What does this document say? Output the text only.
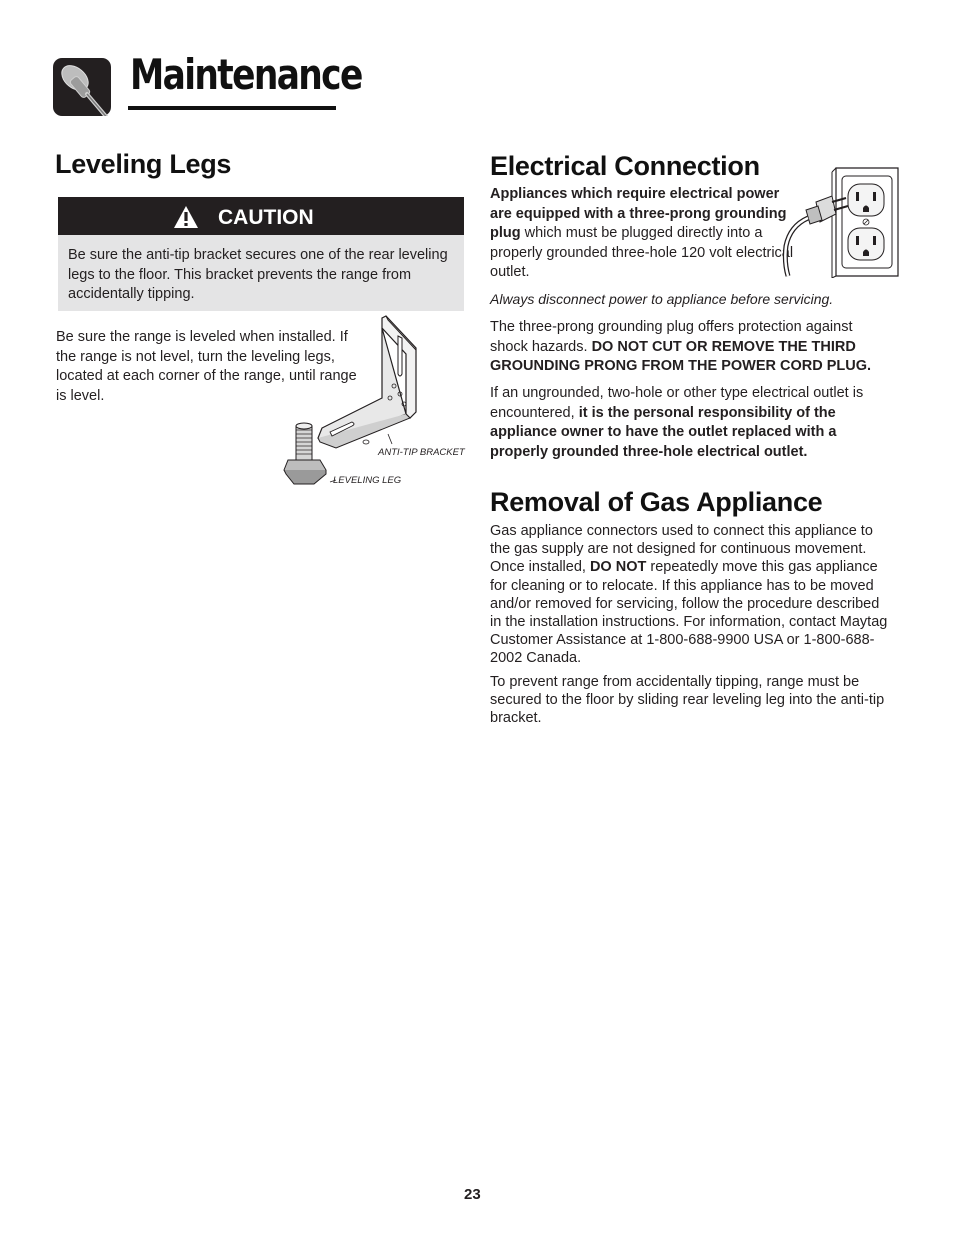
Maintenance
Leveling Legs
CAUTION
Be sure the anti-tip bracket secures one of the rear leveling legs to the floor. This bracket prevents the range from accidentally tipping.
Be sure the range is leveled when installed. If the range is not level, turn the leveling legs, located at each corner of the range, until range is level.
ANTI-TIP BRACKET
LEVELING LEG
Electrical Connection
Appliances which require electrical power are equipped with a three-prong grounding plug which must be plugged directly into a properly grounded three-hole 120 volt electrical outlet.
Always disconnect power to appliance before servicing.
The three-prong grounding plug offers protection against shock hazards. DO NOT CUT OR REMOVE THE THIRD GROUNDING PRONG FROM THE POWER CORD PLUG.
If an ungrounded, two-hole or other type electrical outlet is encountered, it is the personal responsibility of the appliance owner to have the outlet replaced with a properly grounded three-hole electrical outlet.
Removal of Gas Appliance
Gas appliance connectors used to connect this appliance to the gas supply are not designed for continuous movement. Once installed, DO NOT repeatedly move this gas appliance for cleaning or to relocate. If this appliance has to be moved and/or removed for servicing, follow the procedure described in the installation instructions. For information, contact Maytag Customer Assistance at 1-800-688-9900 USA or 1-800-688-2002 Canada.
To prevent range from accidentally tipping, range must be secured to the floor by sliding rear leveling leg into the anti-tip bracket.
23
